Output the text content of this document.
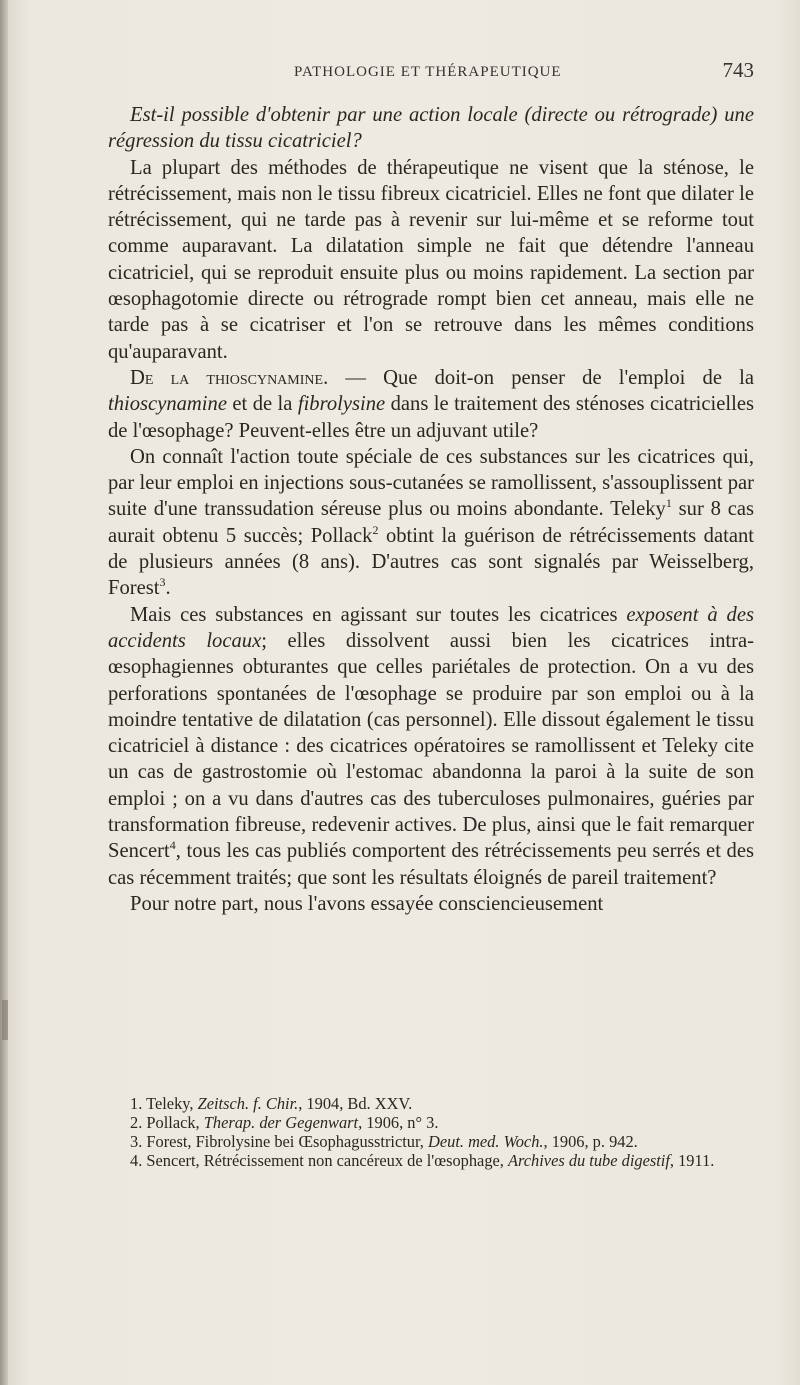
PATHOLOGIE ET THÉRAPEUTIQUE	743

Est-il possible d'obtenir par une action locale (directe ou rétrograde) une régression du tissu cicatriciel?

La plupart des méthodes de thérapeutique ne visent que la sténose, le rétrécissement, mais non le tissu fibreux cicatriciel. Elles ne font que dilater le rétrécissement, qui ne tarde pas à revenir sur lui-même et se reforme tout comme auparavant. La dilatation simple ne fait que détendre l'anneau cicatriciel, qui se reproduit ensuite plus ou moins rapidement. La section par œsophagotomie directe ou rétrograde rompt bien cet anneau, mais elle ne tarde pas à se cicatriser et l'on se retrouve dans les mêmes conditions qu'auparavant.

De la thioscynamine. — Que doit-on penser de l'emploi de la thioscynamine et de la fibrolysine dans le traitement des sténoses cicatricielles de l'œsophage? Peuvent-elles être un adjuvant utile?

On connaît l'action toute spéciale de ces substances sur les cicatrices qui, par leur emploi en injections sous-cutanées se ramollissent, s'assouplissent par suite d'une transsudation séreuse plus ou moins abondante. Teleky$^1$ sur 8 cas aurait obtenu 5 succès; Pollack$^2$ obtint la guérison de rétrécissements datant de plusieurs années (8 ans). D'autres cas sont signalés par Weisselberg, Forest$^3$.

Mais ces substances en agissant sur toutes les cicatrices exposent à des accidents locaux; elles dissolvent aussi bien les cicatrices intra-œsophagiennes obturantes que celles pariétales de protection. On a vu des perforations spontanées de l'œsophage se produire par son emploi ou à la moindre tentative de dilatation (cas personnel). Elle dissout également le tissu cicatriciel à distance : des cicatrices opératoires se ramollissent et Teleky cite un cas de gastrostomie où l'estomac abandonna la paroi à la suite de son emploi ; on a vu dans d'autres cas des tuberculoses pulmonaires, guéries par transformation fibreuse, redevenir actives. De plus, ainsi que le fait remarquer Sencert$^4$, tous les cas publiés comportent des rétrécissements peu serrés et des cas récemment traités; que sont les résultats éloignés de pareil traitement?

Pour notre part, nous l'avons essayée consciencieusement

1. Teleky, Zeitsch. f. Chir., 1904, Bd. XXV.

2. Pollack, Therap. der Gegenwart, 1906, n° 3.

3. Forest, Fibrolysine bei Œsophagusstrictur, Deut. med. Woch., 1906, p. 942.

4. Sencert, Rétrécissement non cancéreux de l'œsophage, Archives du tube digestif, 1911.
